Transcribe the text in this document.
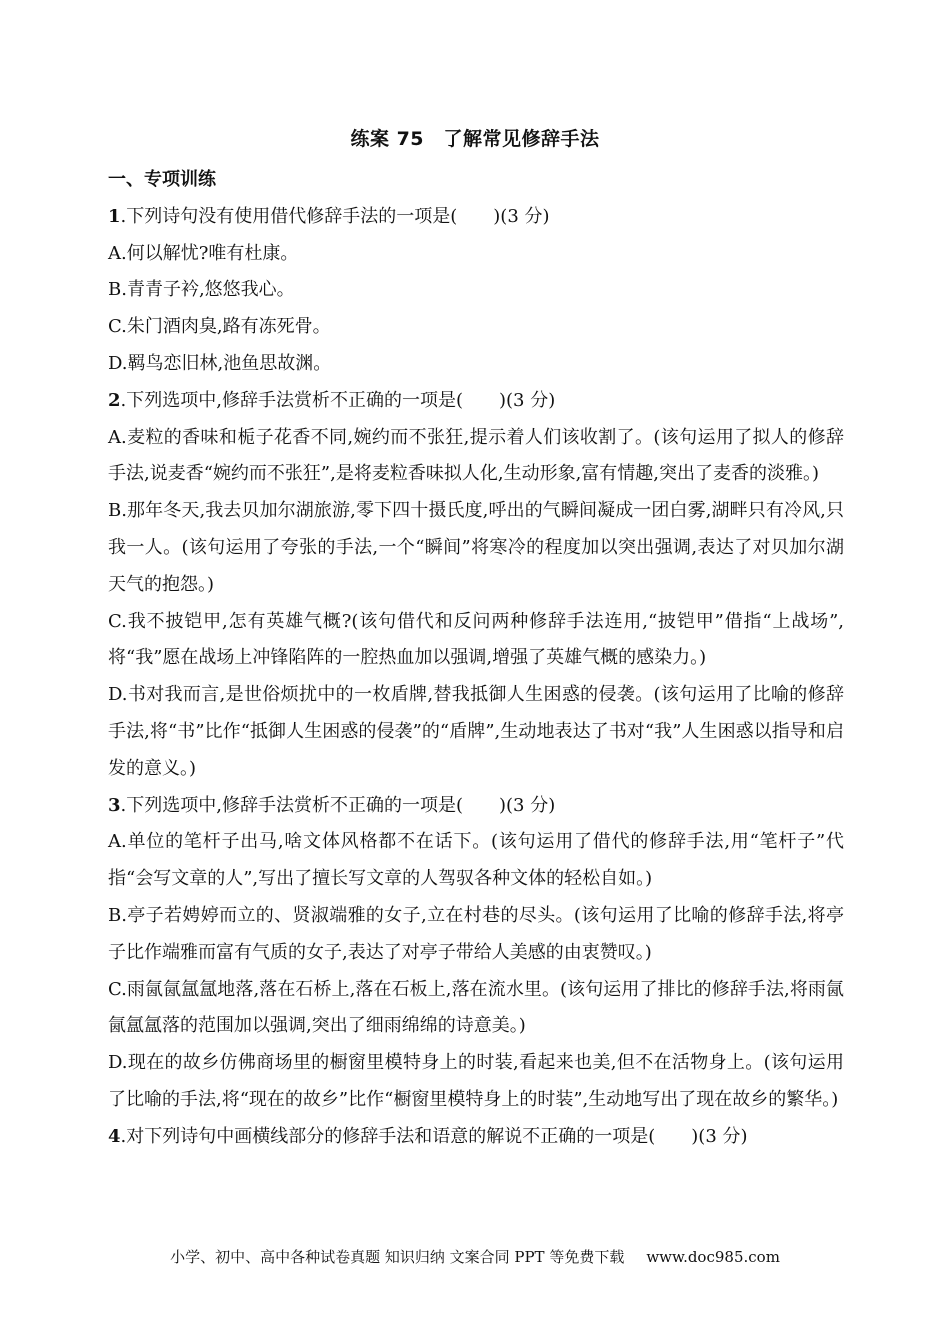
练案 75　了解常见修辞手法
一、专项训练
1.下列诗句没有使用借代修辞手法的一项是(　　)(3 分)
A.何以解忧?唯有杜康。
B.青青子衿,悠悠我心。
C.朱门酒肉臭,路有冻死骨。
D.羁鸟恋旧林,池鱼思故渊。
2.下列选项中,修辞手法赏析不正确的一项是(　　)(3 分)
A.麦粒的香味和栀子花香不同,婉约而不张狂,提示着人们该收割了。(该句运用了拟人的修辞手法,说麦香“婉约而不张狂”,是将麦粒香味拟人化,生动形象,富有情趣,突出了麦香的淡雅。)
B.那年冬天,我去贝加尔湖旅游,零下四十摄氏度,呼出的气瞬间凝成一团白雾,湖畔只有冷风,只我一人。(该句运用了夸张的手法,一个“瞬间”将寒冷的程度加以突出强调,表达了对贝加尔湖天气的抱怨。)
C.我不披铠甲,怎有英雄气概?(该句借代和反问两种修辞手法连用,“披铠甲”借指“上战场”,将“我”愿在战场上冲锋陷阵的一腔热血加以强调,增强了英雄气概的感染力。)
D.书对我而言,是世俗烦扰中的一枚盾牌,替我抵御人生困惑的侵袭。(该句运用了比喻的修辞手法,将“书”比作“抵御人生困惑的侵袭”的“盾牌”,生动地表达了书对“我”人生困惑以指导和启发的意义。)
3.下列选项中,修辞手法赏析不正确的一项是(　　)(3 分)
A.单位的笔杆子出马,啥文体风格都不在话下。(该句运用了借代的修辞手法,用“笔杆子”代指“会写文章的人”,写出了擅长写文章的人驾驭各种文体的轻松自如。)
B.亭子若娉婷而立的、贤淑端雅的女子,立在村巷的尽头。(该句运用了比喻的修辞手法,将亭子比作端雅而富有气质的女子,表达了对亭子带给人美感的由衷赞叹。)
C.雨氤氤氲氲地落,落在石桥上,落在石板上,落在流水里。(该句运用了排比的修辞手法,将雨氤氤氲氲落的范围加以强调,突出了细雨绵绵的诗意美。)
D.现在的故乡仿佛商场里的橱窗里模特身上的时装,看起来也美,但不在活物身上。(该句运用了比喻的手法,将“现在的故乡”比作“橱窗里模特身上的时装”,生动地写出了现在故乡的繁华。)
4.对下列诗句中画横线部分的修辞手法和语意的解说不正确的一项是(　　)(3 分)
小学、初中、高中各种试卷真题 知识归纳 文案合同 PPT 等免费下载 www.doc985.com
